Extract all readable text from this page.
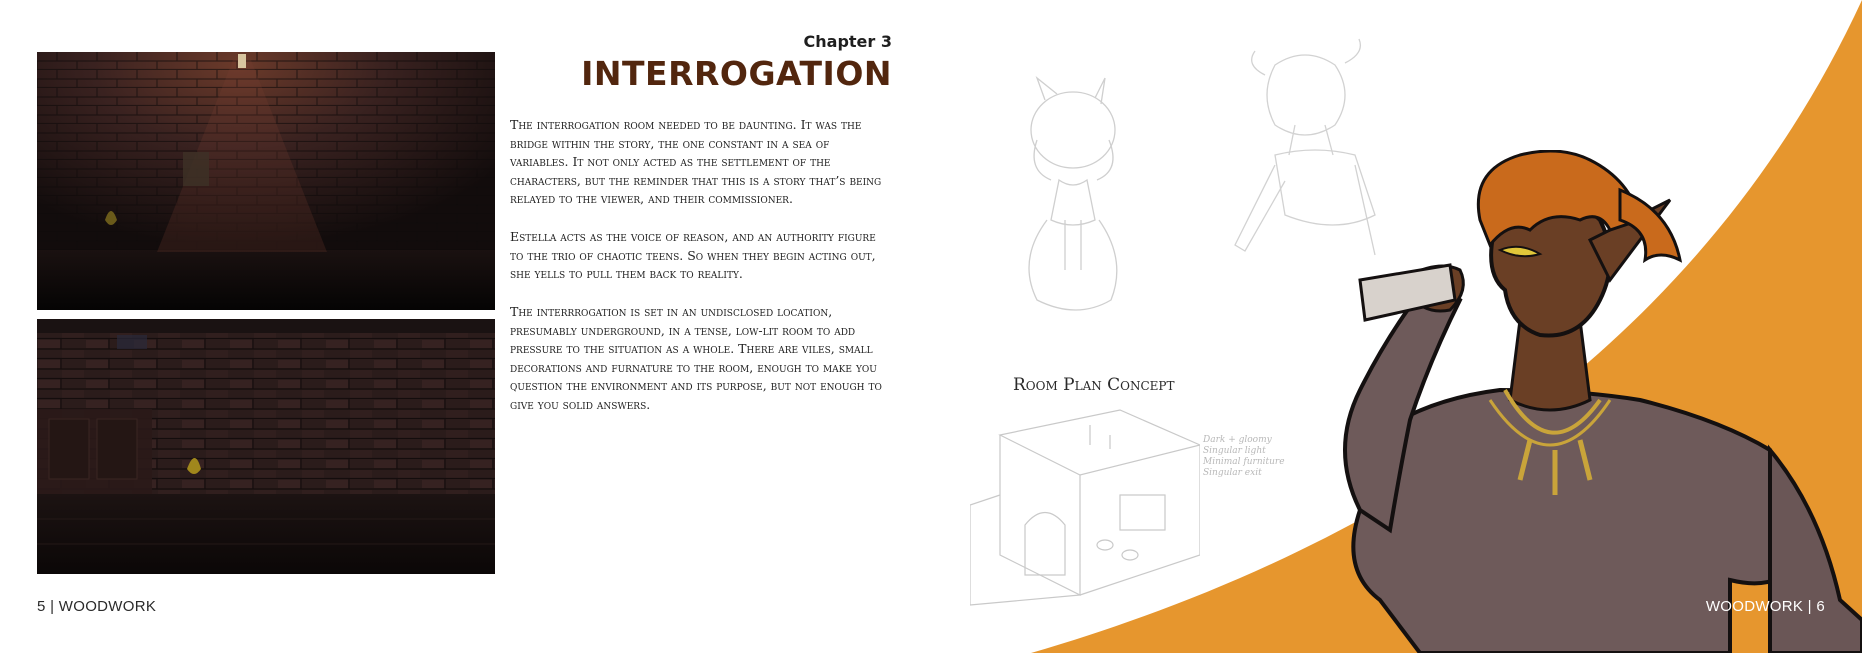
Chapter 3
INTERROGATION

The interrogation room needed to be daunting. It was the bridge within the story, the one constant in a sea of variables. It not only acted as the settlement of the characters, but the reminder that this is a story that’s being relayed to the viewer, and their commissioner.

Estella acts as the voice of reason, and an authority figure to the trio of chaotic teens. So when they begin acting out, she yells to pull them back to reality.

The interrrogation is set in an undisclosed location, presumably underground, in a tense, low-lit room to add pressure to the situation as a whole. There are viles, small decorations and furnature to the room, enough to make you question the environment and its purpose, but not enough to give you solid answers.

5 | WOODWORK
Room Plan Concept
Dark + gloomy
Singular light
Minimal furniture
Singular exit
WOODWORK | 6
